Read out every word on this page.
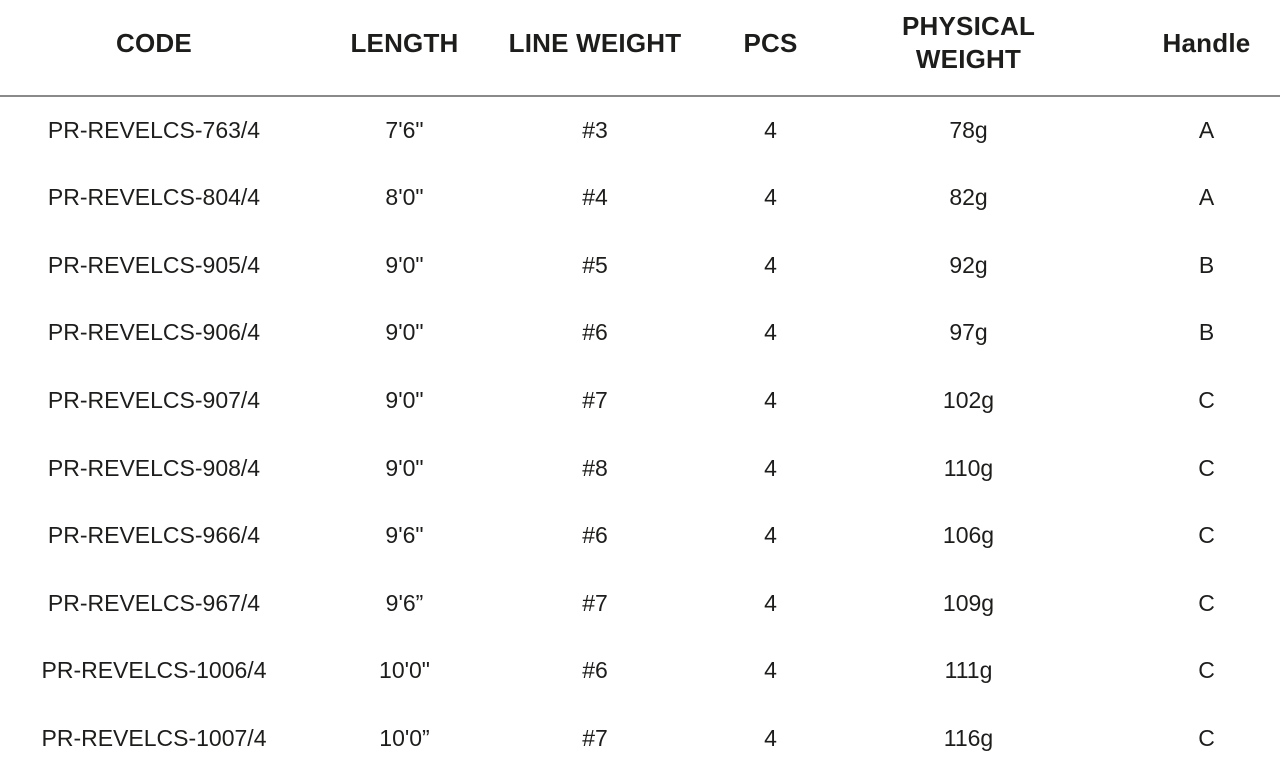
CODE	LENGTH	LINE WEIGHT	PCS	PHYSICAL WEIGHT	Handle
PR-REVELCS-763/4	7'6"	#3	4	78g	A
PR-REVELCS-804/4	8'0"	#4	4	82g	A
PR-REVELCS-905/4	9'0"	#5	4	92g	B
PR-REVELCS-906/4	9'0"	#6	4	97g	B
PR-REVELCS-907/4	9'0"	#7	4	102g	C
PR-REVELCS-908/4	9'0"	#8	4	110g	C
PR-REVELCS-966/4	9'6"	#6	4	106g	C
PR-REVELCS-967/4	9'6”	#7	4	109g	C
PR-REVELCS-1006/4	10'0"	#6	4	111g	C
PR-REVELCS-1007/4	10'0”	#7	4	116g	C
